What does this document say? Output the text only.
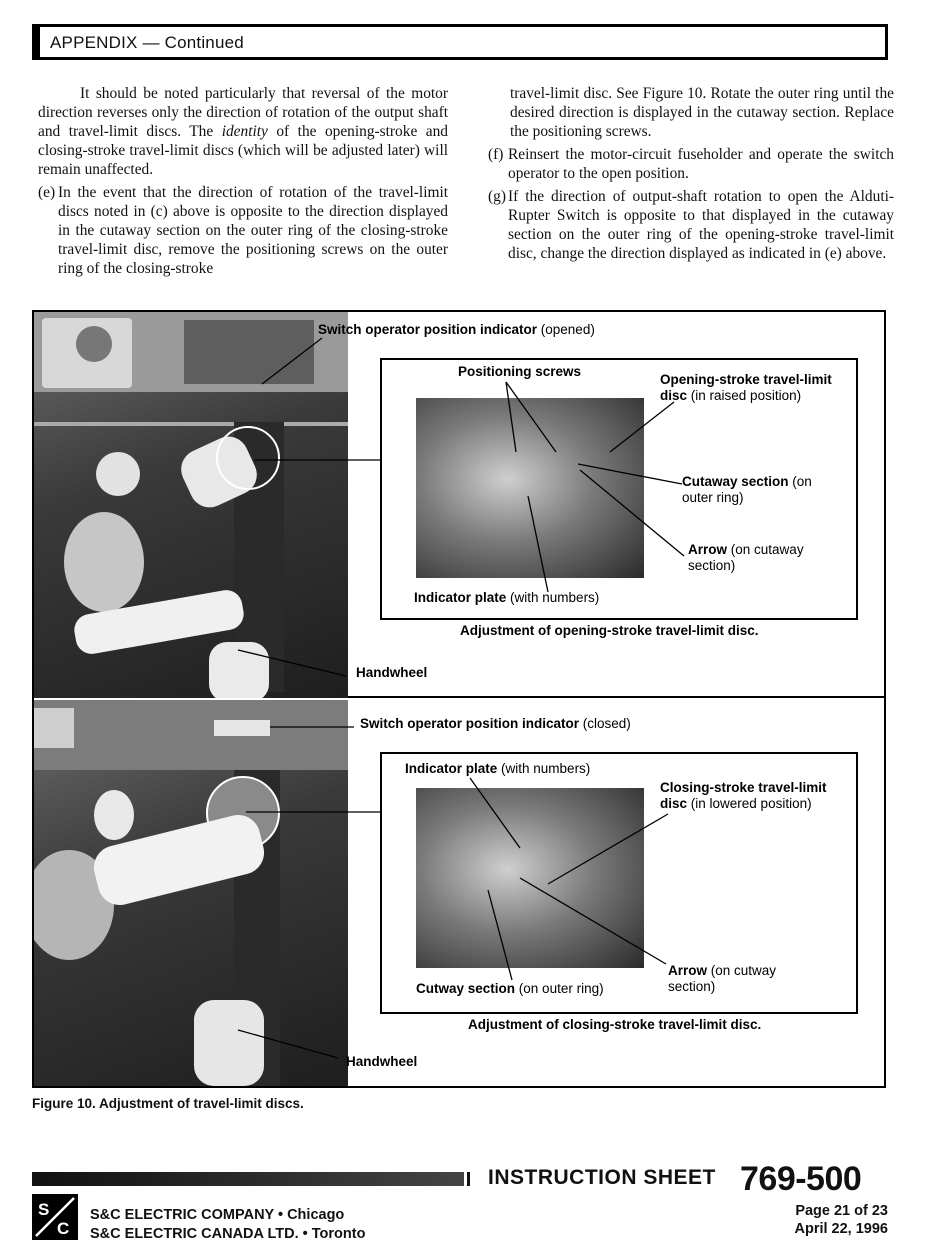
APPENDIX — Continued

It should be noted particularly that reversal of the motor direction reverses only the direction of rotation of the output shaft and travel-limit discs. The identity of the opening-stroke and closing-stroke travel-limit discs (which will be adjusted later) will remain unaffected.

(e) In the event that the direction of rotation of the travel-limit discs noted in (c) above is opposite to the direction displayed in the cutaway section on the outer ring of the closing-stroke travel-limit disc, remove the positioning screws on the outer ring of the closing-stroke

travel-limit disc. See Figure 10. Rotate the outer ring until the desired direction is displayed in the cutaway section. Replace the positioning screws.

(f) Reinsert the motor-circuit fuseholder and operate the switch operator to the open position.

(g) If the direction of output-shaft rotation to open the Alduti-Rupter Switch is opposite to that displayed in the cutaway section on the outer ring of the opening-stroke travel-limit disc, change the direction displayed as indicated in (e) above.

Switch operator position indicator (opened)
Positioning screws
Opening-stroke travel-limit disc (in raised position)
Cutaway section (on outer ring)
Arrow (on cutaway section)
Indicator plate (with numbers)
Adjustment of opening-stroke travel-limit disc.
Handwheel
Switch operator position indicator (closed)
Indicator plate (with numbers)
Closing-stroke travel-limit disc (in lowered position)
Arrow (on cutway section)
Cutway section (on outer ring)
Adjustment of closing-stroke travel-limit disc.
Handwheel
Figure 10. Adjustment of travel-limit discs.
INSTRUCTION SHEET 769-500
S
C
S&C ELECTRIC COMPANY • Chicago
S&C ELECTRIC CANADA LTD. • Toronto
Page 21 of 23
April 22, 1996
